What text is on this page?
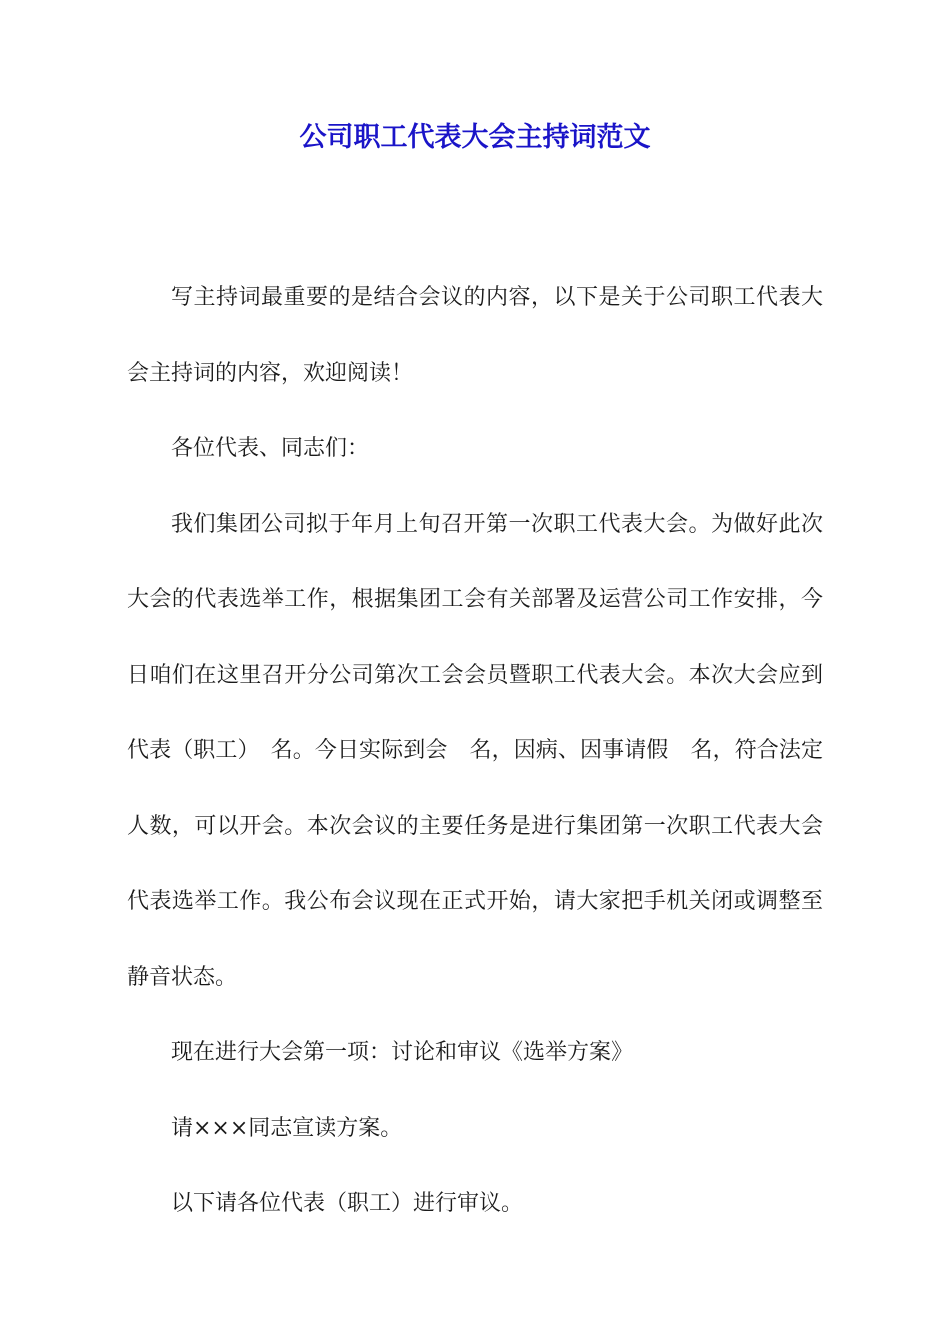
公司职工代表大会主持词范文

写主持词最重要的是结合会议的内容，以下是关于公司职工代表大会主持词的内容，欢迎阅读！

各位代表、同志们：

我们集团公司拟于年月上旬召开第一次职工代表大会。为做好此次大会的代表选举工作，根据集团工会有关部署及运营公司工作安排，今日咱们在这里召开分公司第次工会会员暨职工代表大会。本次大会应到代表（职工）　名。今日实际到会　名，因病、因事请假　名，符合法定人数，可以开会。本次会议的主要任务是进行集团第一次职工代表大会代表选举工作。我公布会议现在正式开始，请大家把手机关闭或调整至静音状态。

现在进行大会第一项：讨论和审议《选举方案》

请×××同志宣读方案。

以下请各位代表（职工）进行审议。
